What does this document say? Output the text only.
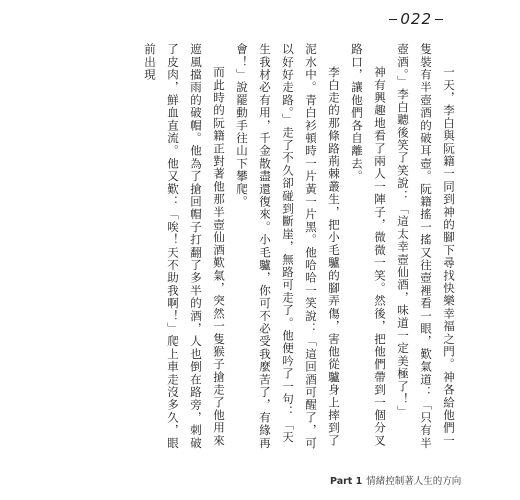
022

一天，李白與阮籍一同到神的腳下尋找快樂幸福之門。神各給他們一隻裝有半壺酒的破耳壺。阮籍搖一搖又往壺裡看一眼，歎氣道：「只有半壺酒。」李白聽後笑了笑說：「這太幸壺仙酒，味道一定美極了！」

神有興趣地看了兩人一陣子，微微一笑。然後，把他們帶到一個分叉路口，讓他們各自離去。

李白走的那條路荊棘叢生，把小毛驢的腳弄傷，害他從驢身上摔到了泥水中。青白衫頓時一片黃一片黑。他哈哈一笑說：「這回酒可醒了，可以好好走路。」走了不久卻碰到斷崖，無路可走了。他便吟了一句：「天生我材必有用，千金散盡還復來。小毛驢，你可不必受我麼苦了，有緣再會！」說罷動手往山下攀爬。

而此時的阮籍正對著他那半壺仙酒歎氣，突然一隻猴子搶走了他用來遮風擋雨的破帽。他為了搶回帽子打翻了多半的酒，人也倒在路旁，刺破了皮肉，鮮血直流。他又歎：「唉！天不助我啊！」爬上車走沒多久，眼前出現

Part 1 情緒控制著人生的方向
